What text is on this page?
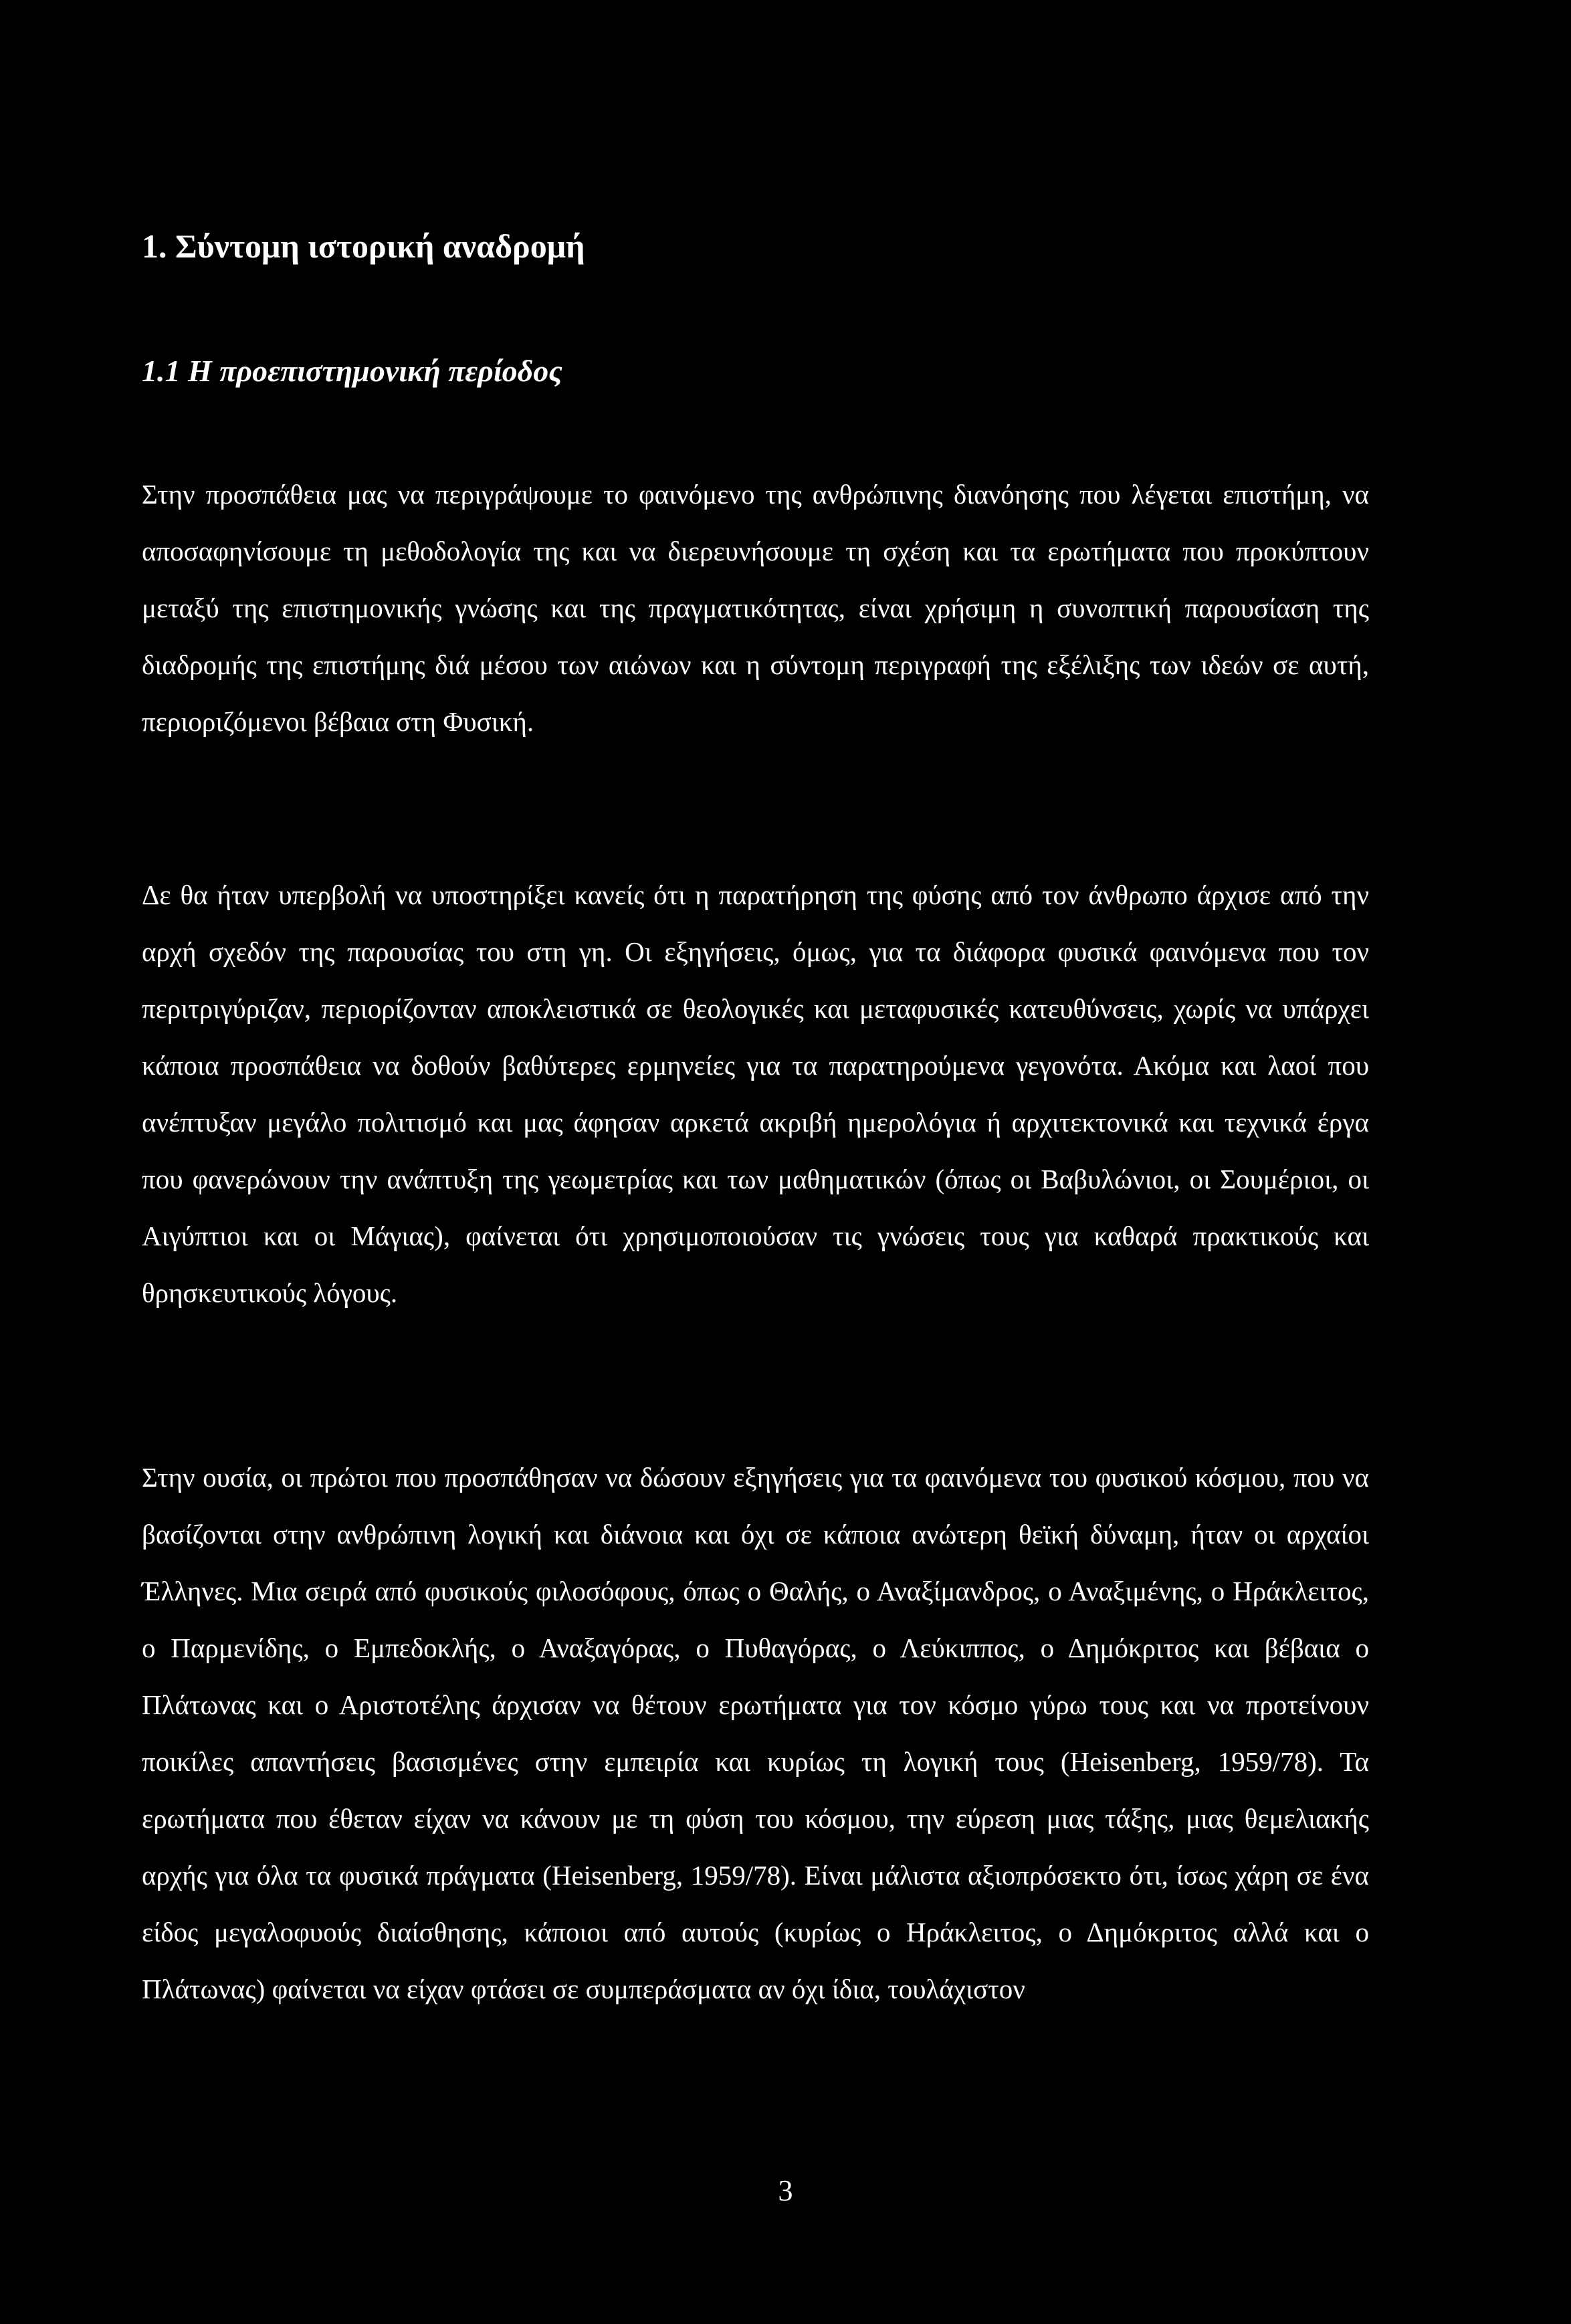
1. Σύντομη ιστορική αναδρομή
1.1 Η προεπιστημονική περίοδος

Στην προσπάθεια μας να περιγράψουμε το φαινόμενο της ανθρώπινης διανόησης που λέγεται επιστήμη, να αποσαφηνίσουμε τη μεθοδολογία της και να διερευνήσουμε τη σχέση και τα ερωτήματα που προκύπτουν μεταξύ της επιστημονικής γνώσης και της πραγματικότητας, είναι χρήσιμη η συνοπτική παρουσίαση της διαδρομής της επιστήμης διά μέσου των αιώνων και η σύντομη περιγραφή της εξέλιξης των ιδεών σε αυτή, περιοριζόμενοι βέβαια στη Φυσική.

Δε θα ήταν υπερβολή να υποστηρίξει κανείς ότι η παρατήρηση της φύσης από τον άνθρωπο άρχισε από την αρχή σχεδόν της παρουσίας του στη γη. Οι εξηγήσεις, όμως, για τα διάφορα φυσικά φαινόμενα που τον περιτριγύριζαν, περιορίζονταν αποκλειστικά σε θεολογικές και μεταφυσικές κατευθύνσεις, χωρίς να υπάρχει κάποια προσπάθεια να δοθούν βαθύτερες ερμηνείες για τα παρατηρούμενα γεγονότα. Ακόμα και λαοί που ανέπτυξαν μεγάλο πολιτισμό και μας άφησαν αρκετά ακριβή ημερολόγια ή αρχιτεκτονικά και τεχνικά έργα που φανερώνουν την ανάπτυξη της γεωμετρίας και των μαθηματικών (όπως οι Βαβυλώνιοι, οι Σουμέριοι, οι Αιγύπτιοι και οι Μάγιας), φαίνεται ότι χρησιμοποιούσαν τις γνώσεις τους για καθαρά πρακτικούς και θρησκευτικούς λόγους.

Στην ουσία, οι πρώτοι που προσπάθησαν να δώσουν εξηγήσεις για τα φαινόμενα του φυσικού κόσμου, που να βασίζονται στην ανθρώπινη λογική και διάνοια και όχι σε κάποια ανώτερη θεϊκή δύναμη, ήταν οι αρχαίοι Έλληνες. Μια σειρά από φυσικούς φιλοσόφους, όπως ο Θαλής, ο Αναξίμανδρος, ο Αναξιμένης, ο Ηράκλειτος, ο Παρμενίδης, ο Εμπεδοκλής, ο Αναξαγόρας, ο Πυθαγόρας, ο Λεύκιππος, ο Δημόκριτος και βέβαια ο Πλάτωνας και ο Αριστοτέλης άρχισαν να θέτουν ερωτήματα για τον κόσμο γύρω τους και να προτείνουν ποικίλες απαντήσεις βασισμένες στην εμπειρία και κυρίως τη λογική τους (Heisenberg, 1959/78). Τα ερωτήματα που έθεταν είχαν να κάνουν με τη φύση του κόσμου, την εύρεση μιας τάξης, μιας θεμελιακής αρχής για όλα τα φυσικά πράγματα (Heisenberg, 1959/78). Είναι μάλιστα αξιοπρόσεκτο ότι, ίσως χάρη σε ένα είδος μεγαλοφυούς διαίσθησης, κάποιοι από αυτούς (κυρίως ο Ηράκλειτος, ο Δημόκριτος αλλά και ο Πλάτωνας) φαίνεται να είχαν φτάσει σε συμπεράσματα αν όχι ίδια, τουλάχιστον

3
